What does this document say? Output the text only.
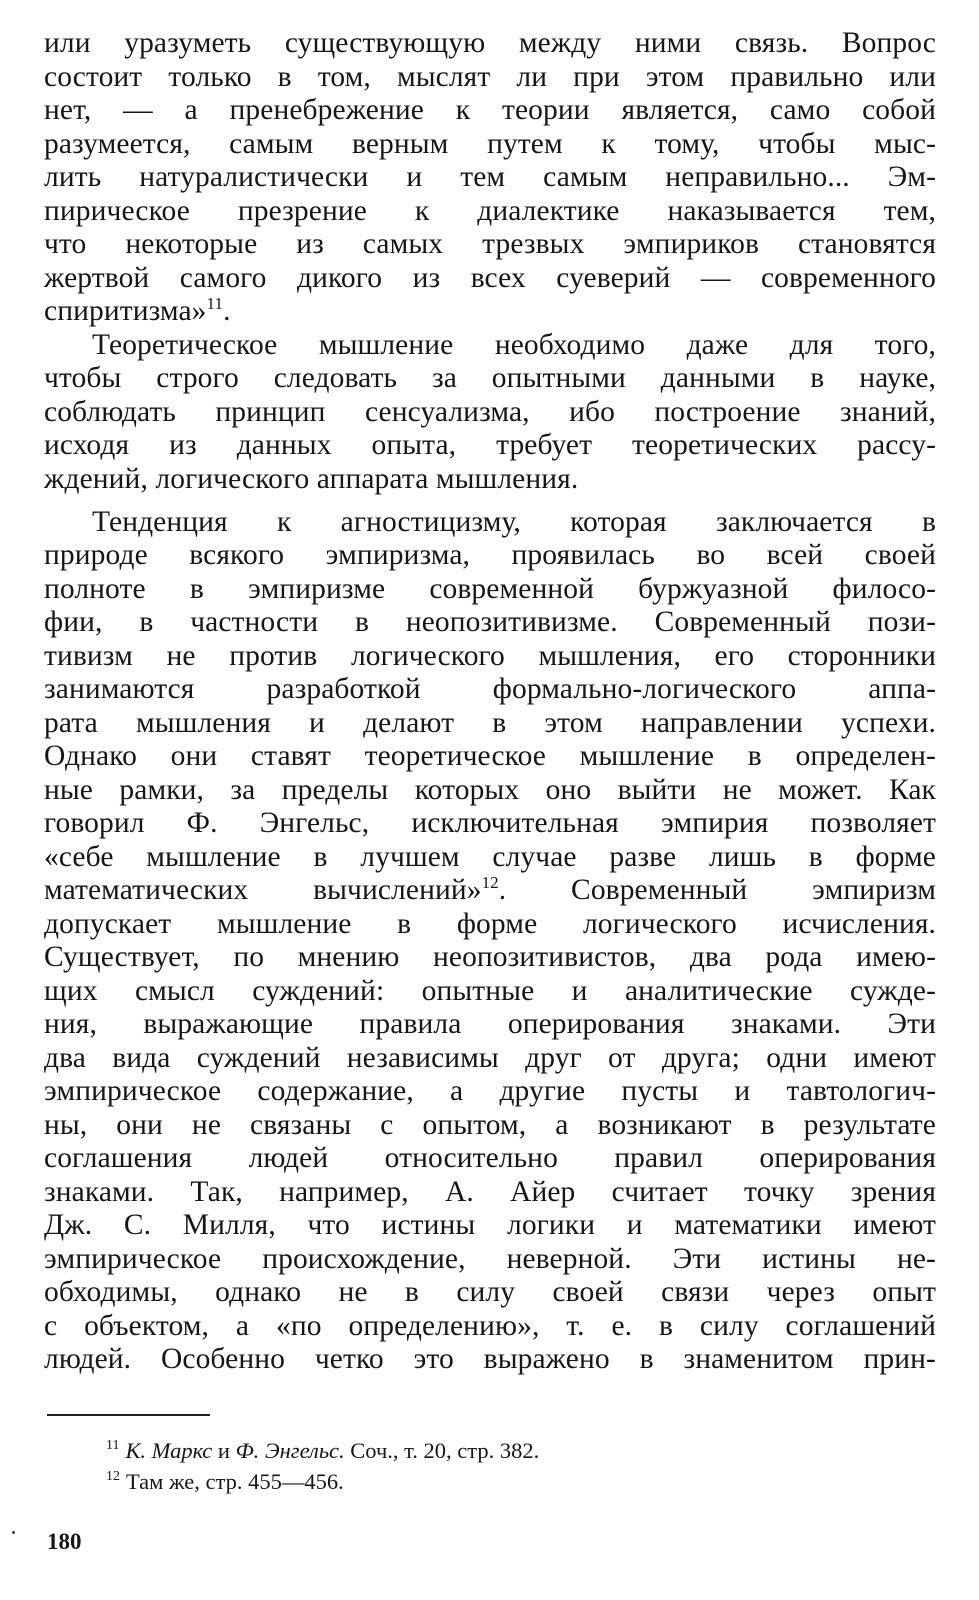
или уразуметь существующую между ними связь. Вопрос
состоит только в том, мыслят ли при этом правильно или
нет, — а пренебрежение к теории является, само собой
разумеется, самым верным путем к тому, чтобы мыс-
лить натуралистически и тем самым неправильно... Эм-
пирическое презрение к диалектике наказывается тем,
что некоторые из самых трезвых эмпириков становятся
жертвой самого дикого из всех суеверий — современного
спиритизма»$^{11}$.
Теоретическое мышление необходимо даже для того,
чтобы строго следовать за опытными данными в науке,
соблюдать принцип сенсуализма, ибо построение знаний,
исходя из данных опыта, требует теоретических рассу-
ждений, логического аппарата мышления.
Тенденция к агностицизму, которая заключается в
природе всякого эмпиризма, проявилась во всей своей
полноте в эмпиризме современной буржуазной филосо-
фии, в частности в неопозитивизме. Современный пози-
тивизм не против логического мышления, его сторонники
занимаются разработкой формально-логического аппа-
рата мышления и делают в этом направлении успехи.
Однако они ставят теоретическое мышление в определен-
ные рамки, за пределы которых оно выйти не может. Как
говорил Ф. Энгельс, исключительная эмпирия позволяет
«себе мышление в лучшем случае разве лишь в форме
математических вычислений»$^{12}$. Современный эмпиризм
допускает мышление в форме логического исчисления.
Существует, по мнению неопозитивистов, два рода имею-
щих смысл суждений: опытные и аналитические сужде-
ния, выражающие правила оперирования знаками. Эти
два вида суждений независимы друг от друга; одни имеют
эмпирическое содержание, а другие пусты и тавтологич-
ны, они не связаны с опытом, а возникают в результате
соглашения людей относительно правил оперирования
знаками. Так, например, А. Айер считает точку зрения
Дж. С. Милля, что истины логики и математики имеют
эмпирическое происхождение, неверной. Эти истины не-
обходимы, однако не в силу своей связи через опыт
с объектом, а «по определению», т. е. в силу соглашений
людей. Особенно четко это выражено в знаменитом прин-
$^{11}$ К. Маркс и Ф. Энгельс. Соч., т. 20, стр. 382.
$^{12}$ Там же, стр. 455—456.
180
